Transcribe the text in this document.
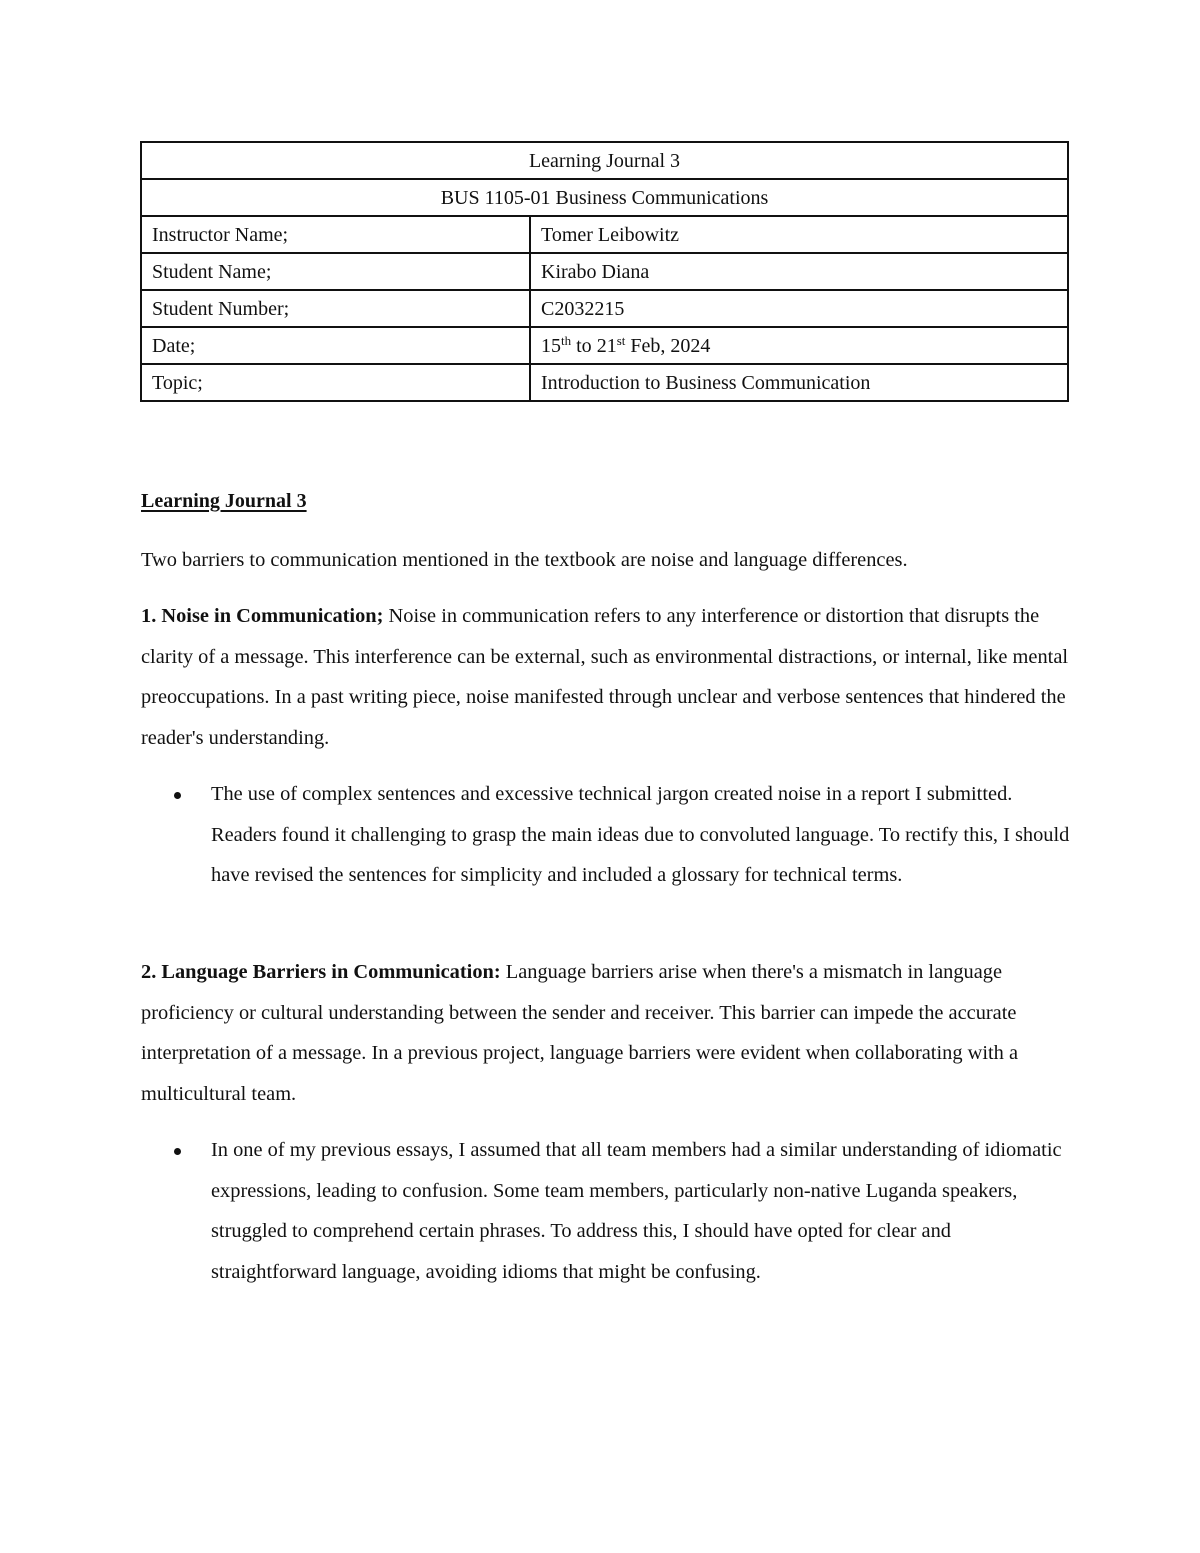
Learning Journal 3	
BUS 1105-01 Business Communications	
Instructor Name;	Tomer Leibowitz
Student Name;	Kirabo Diana
Student Number;	C2032215
Date;	15th to 21st Feb, 2024
Topic;	Introduction to Business Communication
Learning Journal 3

Two barriers to communication mentioned in the textbook are noise and language differences.

1. Noise in Communication; Noise in communication refers to any interference or distortion that disrupts the clarity of a message. This interference can be external, such as environmental distractions, or internal, like mental preoccupations. In a past writing piece, noise manifested through unclear and verbose sentences that hindered the reader's understanding.

The use of complex sentences and excessive technical jargon created noise in a report I submitted. Readers found it challenging to grasp the main ideas due to convoluted language. To rectify this, I should have revised the sentences for simplicity and included a glossary for technical terms.

2. Language Barriers in Communication: Language barriers arise when there's a mismatch in language proficiency or cultural understanding between the sender and receiver. This barrier can impede the accurate interpretation of a message. In a previous project, language barriers were evident when collaborating with a multicultural team.

In one of my previous essays, I assumed that all team members had a similar understanding of idiomatic expressions, leading to confusion. Some team members, particularly non-native Luganda speakers, struggled to comprehend certain phrases. To address this, I should have opted for clear and straightforward language, avoiding idioms that might be confusing.
